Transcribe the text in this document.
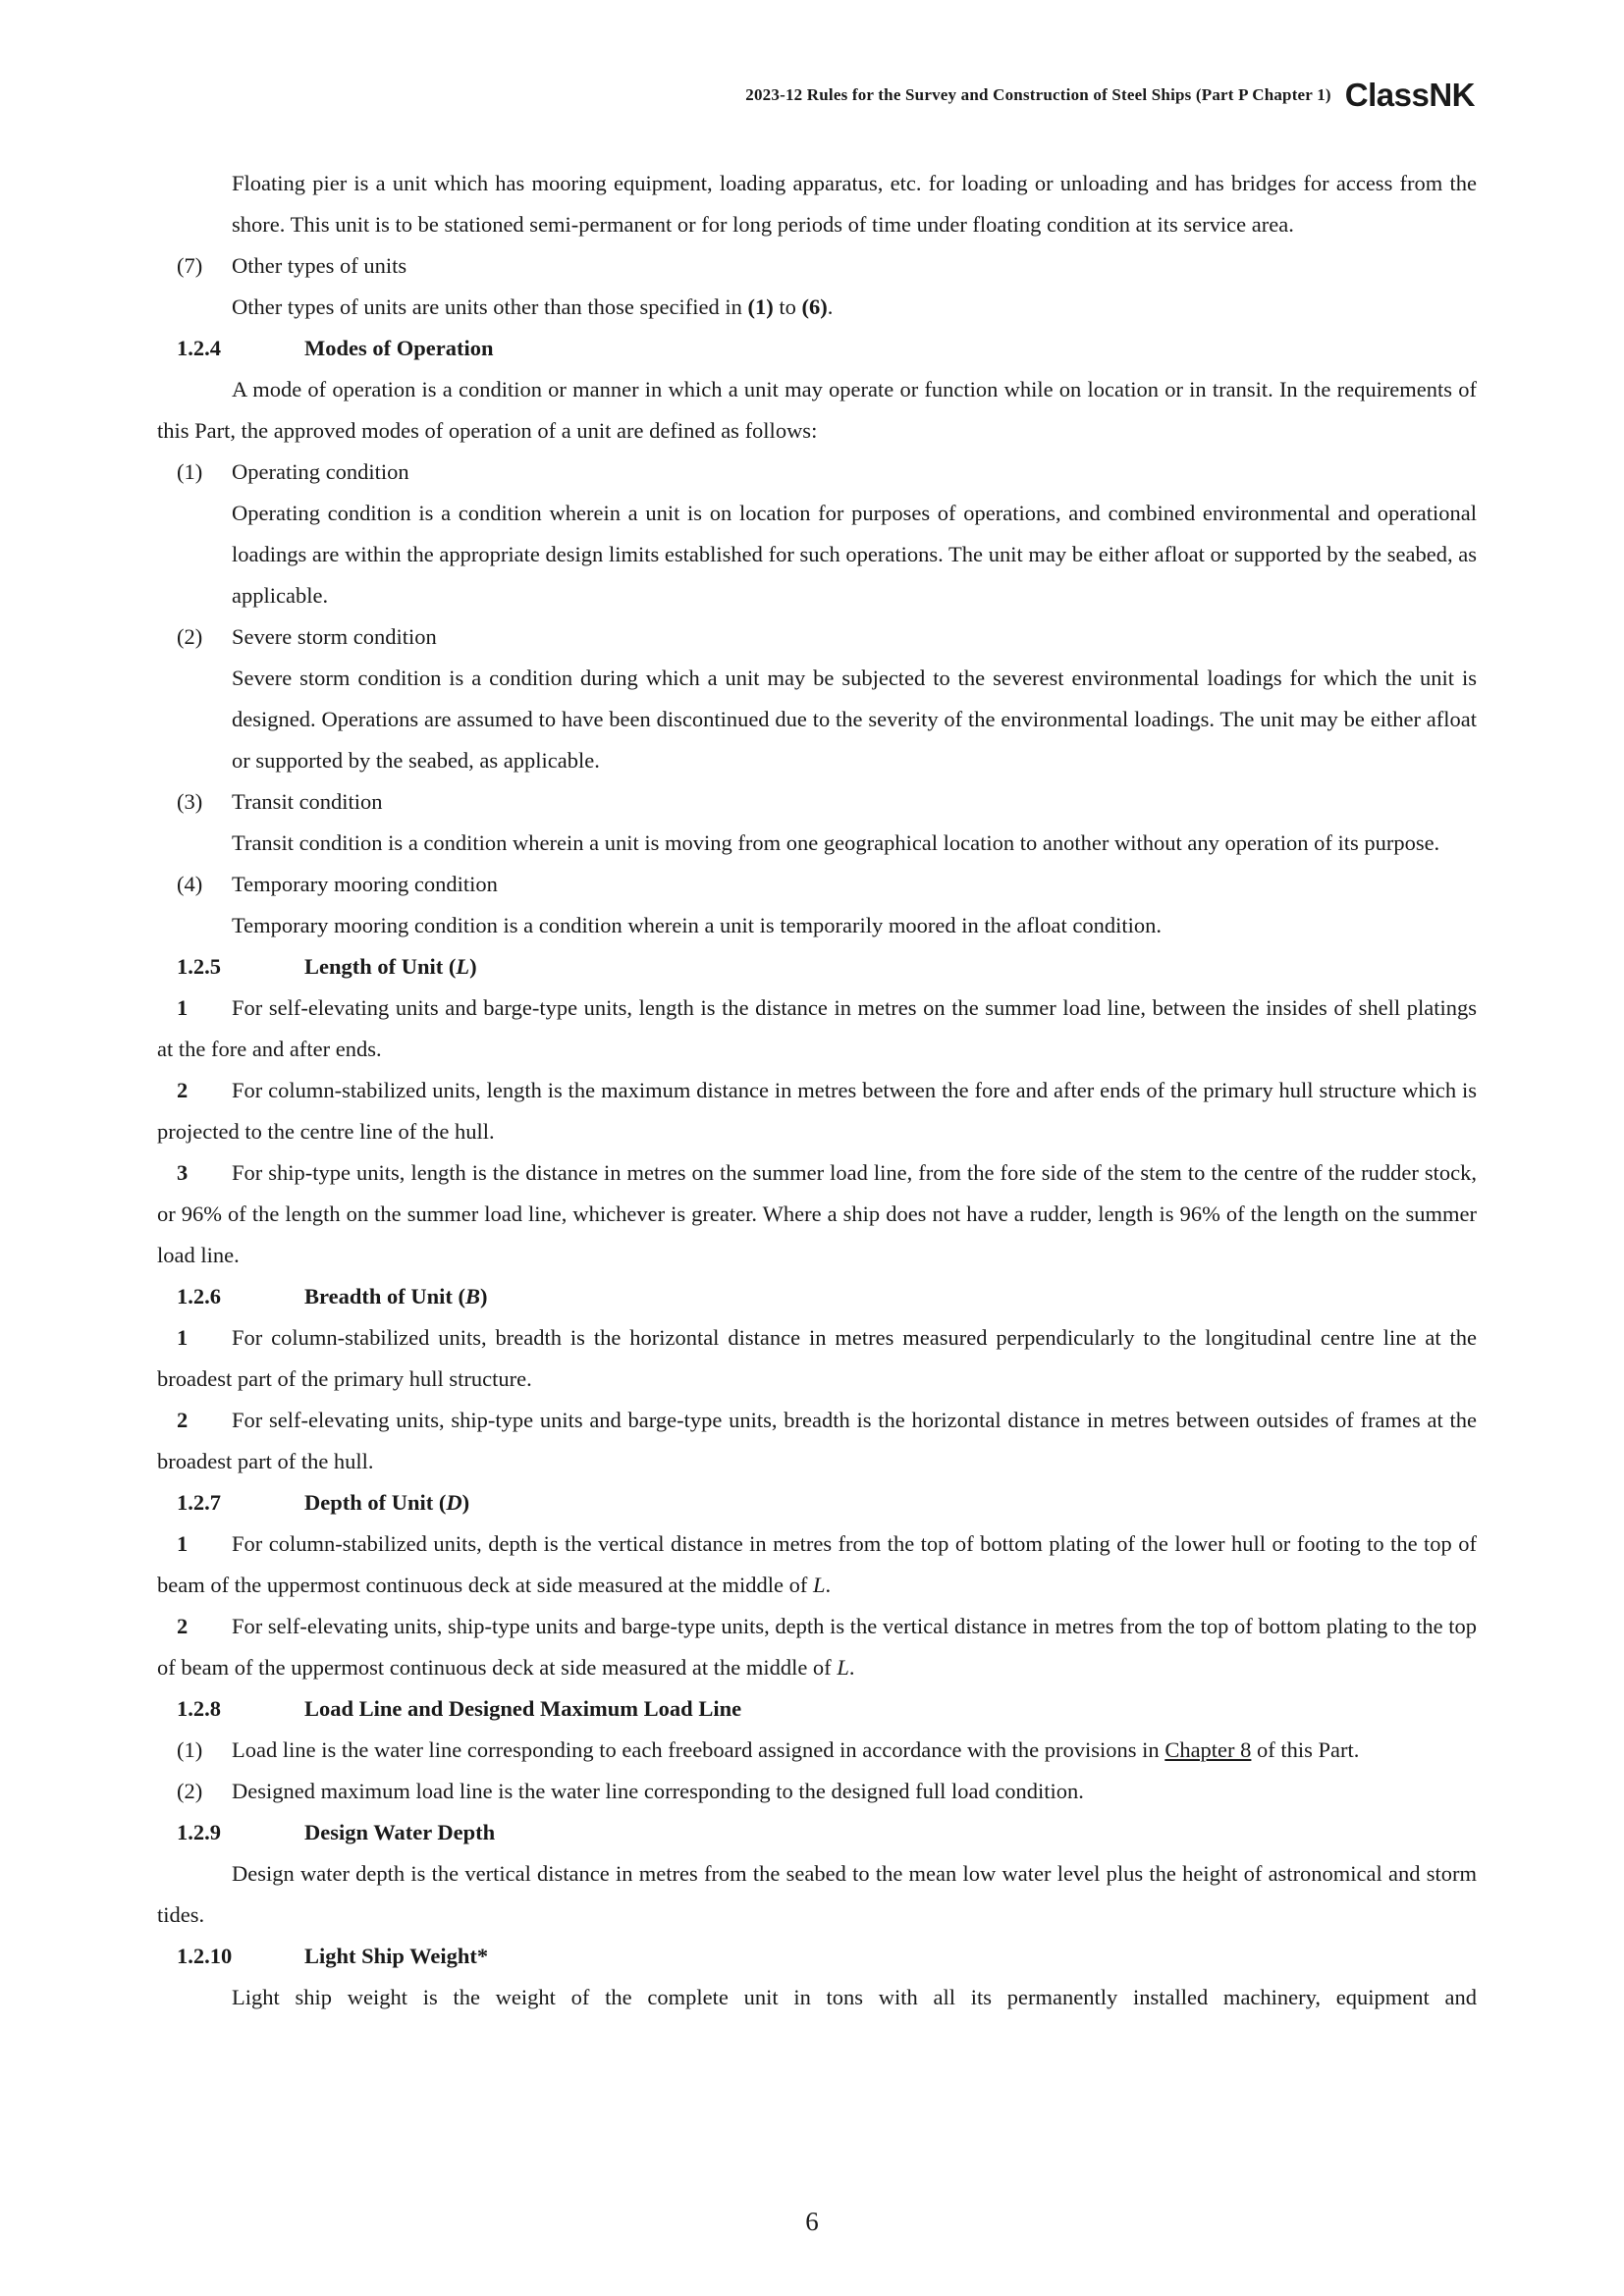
2023-12 Rules for the Survey and Construction of Steel Ships (Part P Chapter 1) ClassNK

Floating pier is a unit which has mooring equipment, loading apparatus, etc. for loading or unloading and has bridges for access from the shore. This unit is to be stationed semi-permanent or for long periods of time under floating condition at its service area.

(7)	Other types of units

Other types of units are units other than those specified in (1) to (6).

1.2.4	Modes of Operation

A mode of operation is a condition or manner in which a unit may operate or function while on location or in transit. In the requirements of this Part, the approved modes of operation of a unit are defined as follows:

(1)	Operating condition

Operating condition is a condition wherein a unit is on location for purposes of operations, and combined environmental and operational loadings are within the appropriate design limits established for such operations. The unit may be either afloat or supported by the seabed, as applicable.

(2)	Severe storm condition

Severe storm condition is a condition during which a unit may be subjected to the severest environmental loadings for which the unit is designed. Operations are assumed to have been discontinued due to the severity of the environmental loadings. The unit may be either afloat or supported by the seabed, as applicable.

(3)	Transit condition

Transit condition is a condition wherein a unit is moving from one geographical location to another without any operation of its purpose.

(4)	Temporary mooring condition

Temporary mooring condition is a condition wherein a unit is temporarily moored in the afloat condition.

1.2.5	Length of Unit (L)

1 For self-elevating units and barge-type units, length is the distance in metres on the summer load line, between the insides of shell platings at the fore and after ends.

2 For column-stabilized units, length is the maximum distance in metres between the fore and after ends of the primary hull structure which is projected to the centre line of the hull.

3 For ship-type units, length is the distance in metres on the summer load line, from the fore side of the stem to the centre of the rudder stock, or 96% of the length on the summer load line, whichever is greater. Where a ship does not have a rudder, length is 96% of the length on the summer load line.

1.2.6	Breadth of Unit (B)

1 For column-stabilized units, breadth is the horizontal distance in metres measured perpendicularly to the longitudinal centre line at the broadest part of the primary hull structure.

2 For self-elevating units, ship-type units and barge-type units, breadth is the horizontal distance in metres between outsides of frames at the broadest part of the hull.

1.2.7	Depth of Unit (D)

1 For column-stabilized units, depth is the vertical distance in metres from the top of bottom plating of the lower hull or footing to the top of beam of the uppermost continuous deck at side measured at the middle of L.

2 For self-elevating units, ship-type units and barge-type units, depth is the vertical distance in metres from the top of bottom plating to the top of beam of the uppermost continuous deck at side measured at the middle of L.

1.2.8	Load Line and Designed Maximum Load Line
(1)	Load line is the water line corresponding to each freeboard assigned in accordance with the provisions in Chapter 8 of this Part.
(2)	Designed maximum load line is the water line corresponding to the designed full load condition.
1.2.9	Design Water Depth

Design water depth is the vertical distance in metres from the seabed to the mean low water level plus the height of astronomical and storm tides.

1.2.10	Light Ship Weight*

Light ship weight is the weight of the complete unit in tons with all its permanently installed machinery, equipment and

6
